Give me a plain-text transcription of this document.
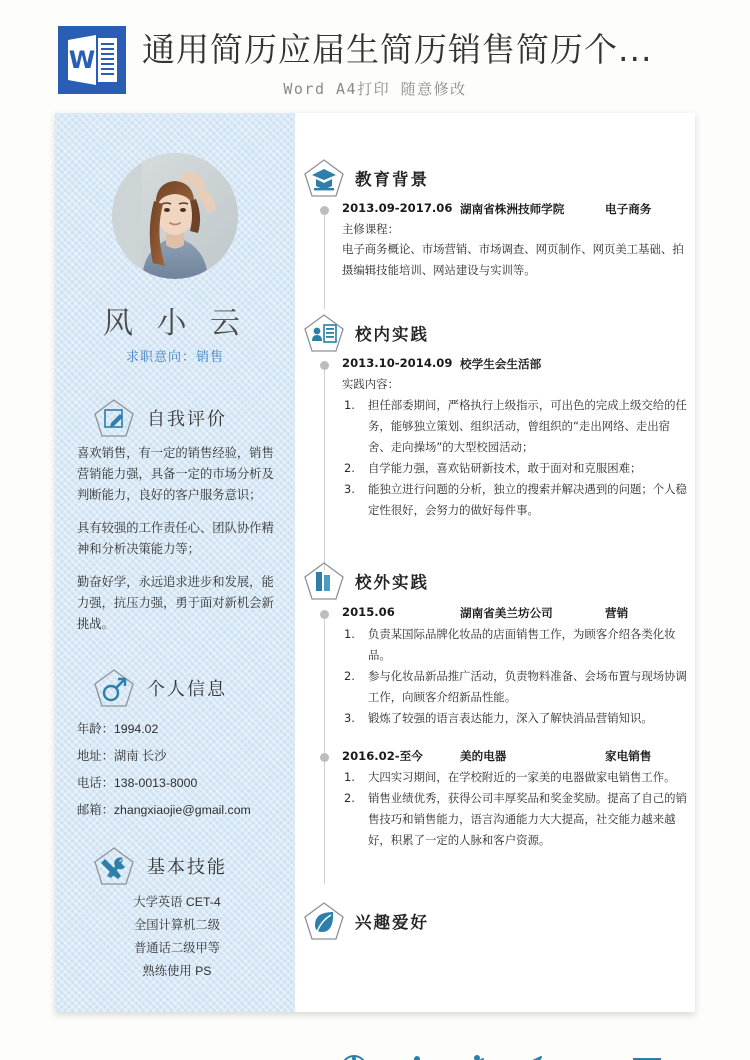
W 通用简历应届生简历销售简历个...
Word A4打印 随意修改
风 小 云
求职意向：销售
自我评价

喜欢销售，有一定的销售经验，销售营销能力强，具备一定的市场分析及判断能力，良好的客户服务意识；

具有较强的工作责任心、团队协作精神和分析决策能力等；

勤奋好学，永远追求进步和发展，能力强，抗压力强，勇于面对新机会新挑战。

个人信息
年龄：1994.02
地址：湖南 长沙
电话：138-0013-8000
邮箱：zhangxiaojie@gmail.com
基本技能
大学英语 CET-4
全国计算机二级
普通话二级甲等
熟练使用 PS
教育背景
2013.09-2017.06 湖南省株洲技师学院	电子商务
主修课程：
电子商务概论、市场营销、市场调查、网页制作、网页美工基础、拍摄编辑技能培训、网站建设与实训等。
校内实践
2013.10-2014.09 校学生会生活部
实践内容：
1. 担任部委期间，严格执行上级指示，可出色的完成上级交给的任务，能够独立策划、组织活动，曾组织的“走出网络、走出宿舍、走向操场”的大型校园活动；
2. 自学能力强，喜欢钻研新技术，敢于面对和克服困难；
3. 能独立进行问题的分析，独立的搜索并解决遇到的问题；个人稳定性很好，会努力的做好每件事。
校外实践
2015.06	湖南省美兰坊公司	营销
1. 负责某国际品牌化妆品的店面销售工作，为顾客介绍各类化妆品。
2. 参与化妆品新品推广活动，负责物料准备、会场布置与现场协调工作，向顾客介绍新品性能。
3. 锻炼了较强的语言表达能力，深入了解快消品营销知识。
2016.02-至今	美的电器	家电销售
1. 大四实习期间，在学校附近的一家美的电器做家电销售工作。
2. 销售业绩优秀，获得公司丰厚奖品和奖金奖励。提高了自己的销售技巧和销售能力，语言沟通能力大大提高，社交能力越来越好，积累了一定的人脉和客户资源。
兴趣爱好
